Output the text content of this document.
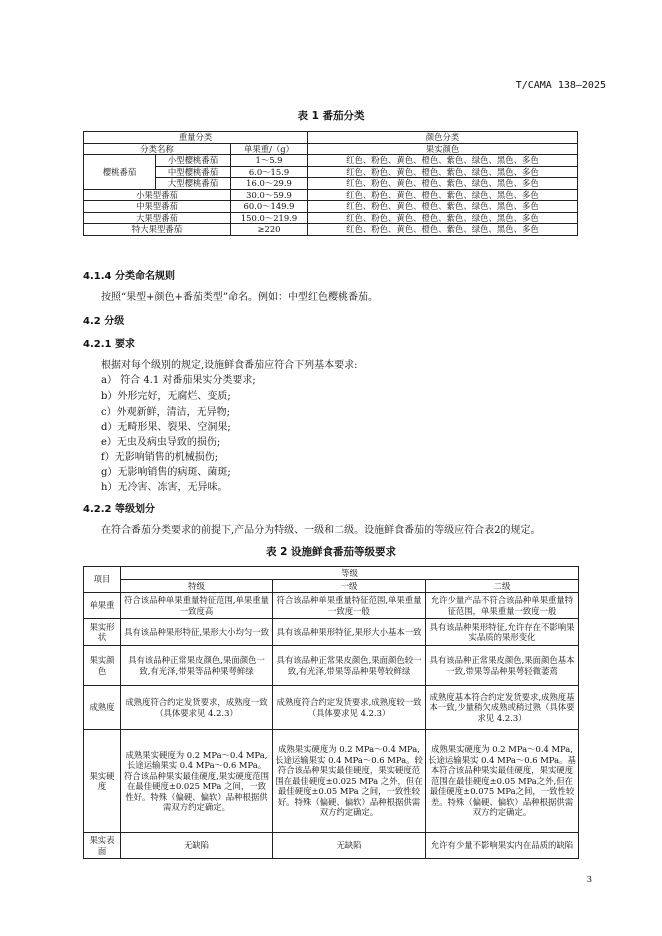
T/CAMA 138—2025
表 1 番茄分类
重量分类			颜色分类
分类名称		单果重/（g）	果实颜色
樱桃番茄	小型樱桃番茄	1～5.9	红色、粉色、黄色、橙色、紫色、绿色、黑色、多色
	中型樱桃番茄	6.0～15.9	红色、粉色、黄色、橙色、紫色、绿色、黑色、多色
	大型樱桃番茄	16.0～29.9	红色、粉色、黄色、橙色、紫色、绿色、黑色、多色
小果型番茄		30.0～59.9	红色、粉色、黄色、橙色、紫色、绿色、黑色、多色
中果型番茄		60.0～149.9	红色、粉色、黄色、橙色、紫色、绿色、黑色、多色
大果型番茄		150.0～219.9	红色、粉色、黄色、橙色、紫色、绿色、黑色、多色
特大果型番茄		≥220	红色、粉色、黄色、橙色、紫色、绿色、黑色、多色
4.1.4 分类命名规则
按照“果型+颜色+番茄类型”命名。例如：中型红色樱桃番茄。
4.2 分级
4.2.1 要求
根据对每个级别的规定,设施鲜食番茄应符合下列基本要求:
a） 符合 4.1 对番茄果实分类要求;
b）外形完好，无腐烂、变质;
c）外观新鲜，清洁，无异物;
d）无畸形果、裂果、空洞果;
e）无虫及病虫导致的损伤;
f）无影响销售的机械损伤;
g）无影响销售的病斑、菌斑;
h）无冷害、冻害，无异味。
4.2.2 等级划分
在符合番茄分类要求的前提下,产品分为特级、一级和二级。设施鲜食番茄的等级应符合表2的规定。
表 2 设施鲜食番茄等级要求
项目	等级		
	特级	一级	二级
单果重	符合该品种单果重量特征范围,单果重量一致度高	符合该品种单果重量特征范围,单果重量一致度一般	允许少量产品不符合该品种单果重量特征范围，单果重量一致度一般
果实形状	具有该品种果形特征,果形大小均匀一致	具有该品种果形特征,果形大小基本一致	具有该品种果形特征,允许存在不影响果实品质的果形变化
果实颜色	具有该品种正常果皮颜色,果面颜色一致,有光泽,带果等品种果萼鲜绿	具有该品种正常果皮颜色,果面颜色较一致,有光泽,带果等品种果萼较鲜绿	具有该品种正常果皮颜色,果面颜色基本一致,带果等品种果萼轻微萎蔫
成熟度	成熟度符合约定发货要求，成熟度一致 （具体要求见 4.2.3）	成熟度符合约定发货要求,成熟度较一致 （具体要求见 4.2.3）	成熟度基本符合约定发货要求,成熟度基本一致,少量稍欠成熟或稍过熟（具体要求见 4.2.3）
果实硬度	成熟果实硬度为 0.2 MPa～0.4 MPa,长途运输果实 0.4 MPa～0.6 MPa。符合该品种果实最佳硬度,果实硬度范围在最佳硬度±0.025 MPa 之间，一致性好。特殊（偏硬、偏软）品种根据供需双方约定确定。	成熟果实硬度为 0.2 MPa～0.4 MPa,长途运输果实 0.4 MPa～0.6 MPa。较符合该品种果实最佳硬度，果实硬度范围在最佳硬度±0.025 MPa 之外，但在最佳硬度±0.05 MPa 之间，一致性较好。特殊（偏硬、偏软）品种根据供需双方约定确定。	成熟果实硬度为 0.2 MPa～0.4 MPa,长途运输果实 0.4 MPa～0.6 MPa。基本符合该品种果实最佳硬度，果实硬度范围在最佳硬度±0.05 MPa之外,但在最佳硬度±0.075 MPa之间，一致性较差。特殊（偏硬、偏软）品种根据供需双方约定确定。
果实表面	无缺陷	无缺陷	允许有少量不影响果实内在品质的缺陷
3
